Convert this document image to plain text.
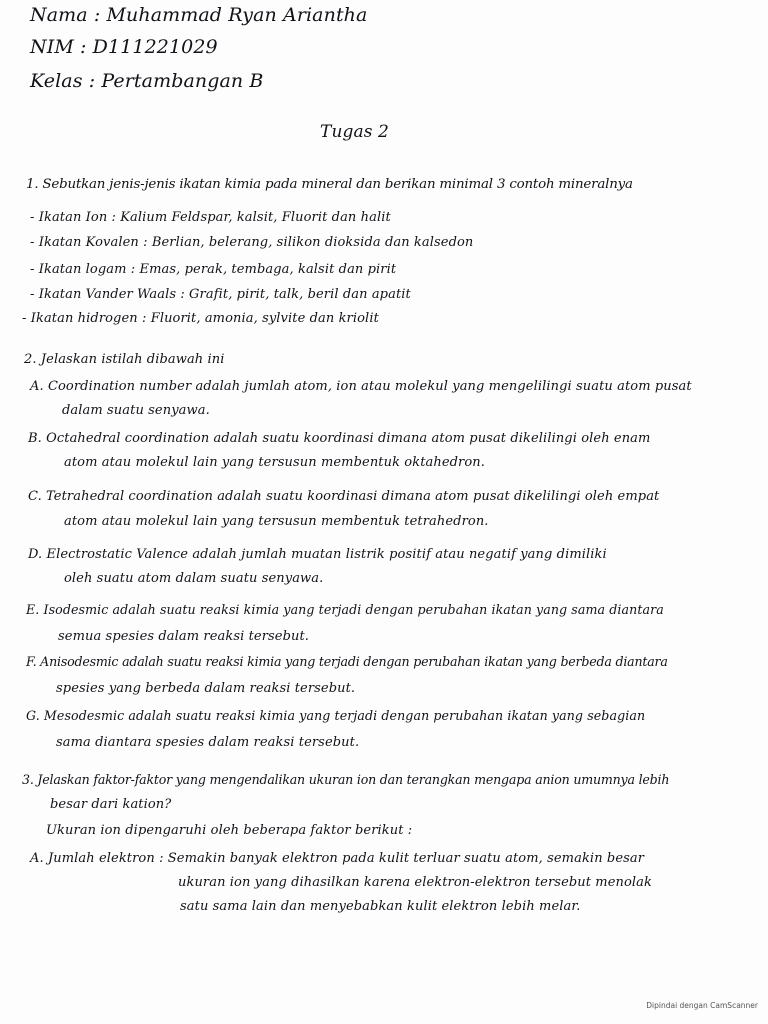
Nama : Muhammad Ryan Ariantha
NIM : D111221029
Kelas : Pertambangan B
Tugas 2
1. Sebutkan jenis-jenis ikatan kimia pada mineral dan berikan minimal 3 contoh mineralnya
- Ikatan Ion : Kalium Feldspar, kalsit, Fluorit dan halit
- Ikatan Kovalen : Berlian, belerang, silikon dioksida dan kalsedon
- Ikatan logam : Emas, perak, tembaga, kalsit dan pirit
- Ikatan Vander Waals : Grafit, pirit, talk, beril dan apatit
- Ikatan hidrogen : Fluorit, amonia, sylvite dan kriolit
2. Jelaskan istilah dibawah ini
A. Coordination number adalah jumlah atom, ion atau molekul yang mengelilingi suatu atom pusat
dalam suatu senyawa.
B. Octahedral coordination adalah suatu koordinasi dimana atom pusat dikelilingi oleh enam
atom atau molekul lain yang tersusun membentuk oktahedron.
C. Tetrahedral coordination adalah suatu koordinasi dimana atom pusat dikelilingi oleh empat
atom atau molekul lain yang tersusun membentuk tetrahedron.
D. Electrostatic Valence adalah jumlah muatan listrik positif atau negatif yang dimiliki
oleh suatu atom dalam suatu senyawa.
E. Isodesmic adalah suatu reaksi kimia yang terjadi dengan perubahan ikatan yang sama diantara
semua spesies dalam reaksi tersebut.
F. Anisodesmic adalah suatu reaksi kimia yang terjadi dengan perubahan ikatan yang berbeda diantara
spesies yang berbeda dalam reaksi tersebut.
G. Mesodesmic adalah suatu reaksi kimia yang terjadi dengan perubahan ikatan yang sebagian
sama diantara spesies dalam reaksi tersebut.
3. Jelaskan faktor-faktor yang mengendalikan ukuran ion dan terangkan mengapa anion umumnya lebih
besar dari kation?
Ukuran ion dipengaruhi oleh beberapa faktor berikut :
A. Jumlah elektron : Semakin banyak elektron pada kulit terluar suatu atom, semakin besar
ukuran ion yang dihasilkan karena elektron-elektron tersebut menolak
satu sama lain dan menyebabkan kulit elektron lebih melar.
Dipindai dengan CamScanner
